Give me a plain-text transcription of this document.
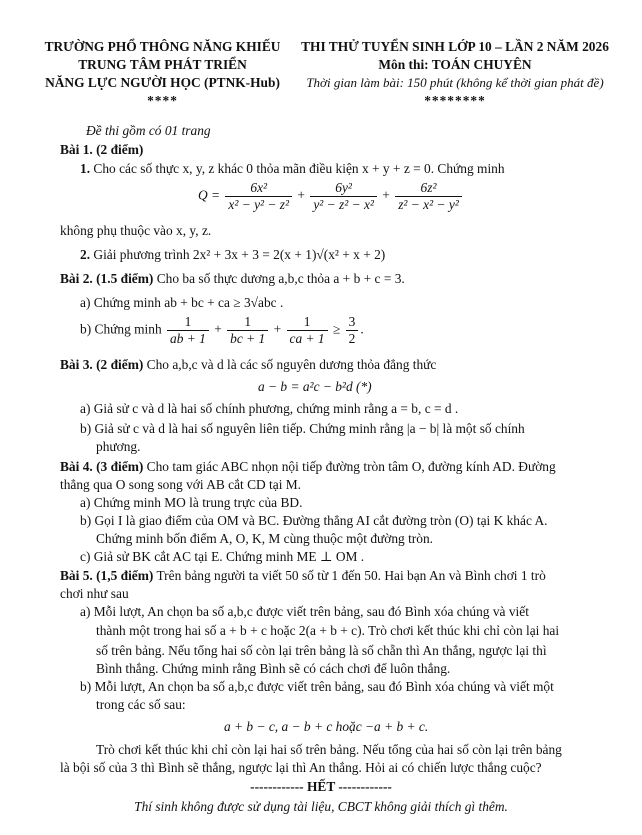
TRƯỜNG PHỔ THÔNG NĂNG KHIẾU
TRUNG TÂM PHÁT TRIỂN
NĂNG LỰC NGƯỜI HỌC (PTNK-Hub)
****
THI THỬ TUYỂN SINH LỚP 10 – LẦN 2 NĂM 2026
Môn thi: TOÁN CHUYÊN
Thời gian làm bài: 150 phút (không kể thời gian phát đề)
********
Đề thi gồm có 01 trang
Bài 1. (2 điểm)
1. Cho các số thực x, y, z khác 0 thỏa mãn điều kiện x + y + z = 0. Chứng minh
$Q = \frac{\text{6x²}}{\text{x² − y² − z²}} + \frac{\text{6y²}}{\text{y² − z² − x²}} + \frac{\text{6z²}}{\text{z² − x² − y²}}$
không phụ thuộc vào x, y, z.
2. Giải phương trình 2x² + 3x + 3 = 2(x + 1)√(x² + x + 2)
Bài 2. (1.5 điểm) Cho ba số thực dương a,b,c thỏa a + b + c = 3.
a) Chứng minh ab + bc + ca ≥ 3√abc .
b) Chứng minh $\frac{1}{ab + 1} + \frac{1}{bc + 1} + \frac{1}{ca + 1} \ge \frac{3}{2}$ .
Bài 3. (2 điểm) Cho a,b,c và d là các số nguyên dương thỏa đẳng thức
a − b = a²c − b²d (*)
a) Giả sử c và d là hai số chính phương, chứng minh rằng a = b, c = d .
b) Giả sử c và d là hai số nguyên liên tiếp. Chứng minh rằng |a − b| là một số chính
phương.
Bài 4. (3 điểm) Cho tam giác ABC nhọn nội tiếp đường tròn tâm O, đường kính AD. Đường
thẳng qua O song song với AB cắt CD tại M.
a) Chứng minh MO là trung trực của BD.
b) Gọi I là giao điểm của OM và BC. Đường thẳng AI cắt đường tròn (O) tại K khác A.
Chứng minh bốn điểm A, O, K, M cùng thuộc một đường tròn.
c) Giả sử BK cắt AC tại E. Chứng minh ME ⊥ OM .
Bài 5. (1,5 điểm) Trên bảng người ta viết 50 số từ 1 đến 50. Hai bạn An và Bình chơi 1 trò
chơi như sau
a) Mỗi lượt, An chọn ba số a,b,c được viết trên bảng, sau đó Bình xóa chúng và viết
thành một trong hai số a + b + c hoặc 2(a + b + c). Trò chơi kết thúc khi chỉ còn lại hai
số trên bảng. Nếu tổng hai số còn lại trên bảng là số chẵn thì An thắng, ngược lại thì
Bình thắng. Chứng minh rằng Bình sẽ có cách chơi để luôn thắng.
b) Mỗi lượt, An chọn ba số a,b,c được viết trên bảng, sau đó Bình xóa chúng và viết một
trong các số sau:
a + b − c, a − b + c hoặc −a + b + c.
Trò chơi kết thúc khi chỉ còn lại hai số trên bảng. Nếu tổng của hai số còn lại trên bảng
là bội số của 3 thì Bình sẽ thắng, ngược lại thì An thắng. Hỏi ai có chiến lược thắng cuộc?
------------ HẾT ------------
Thí sinh không được sử dụng tài liệu, CBCT không giải thích gì thêm.
